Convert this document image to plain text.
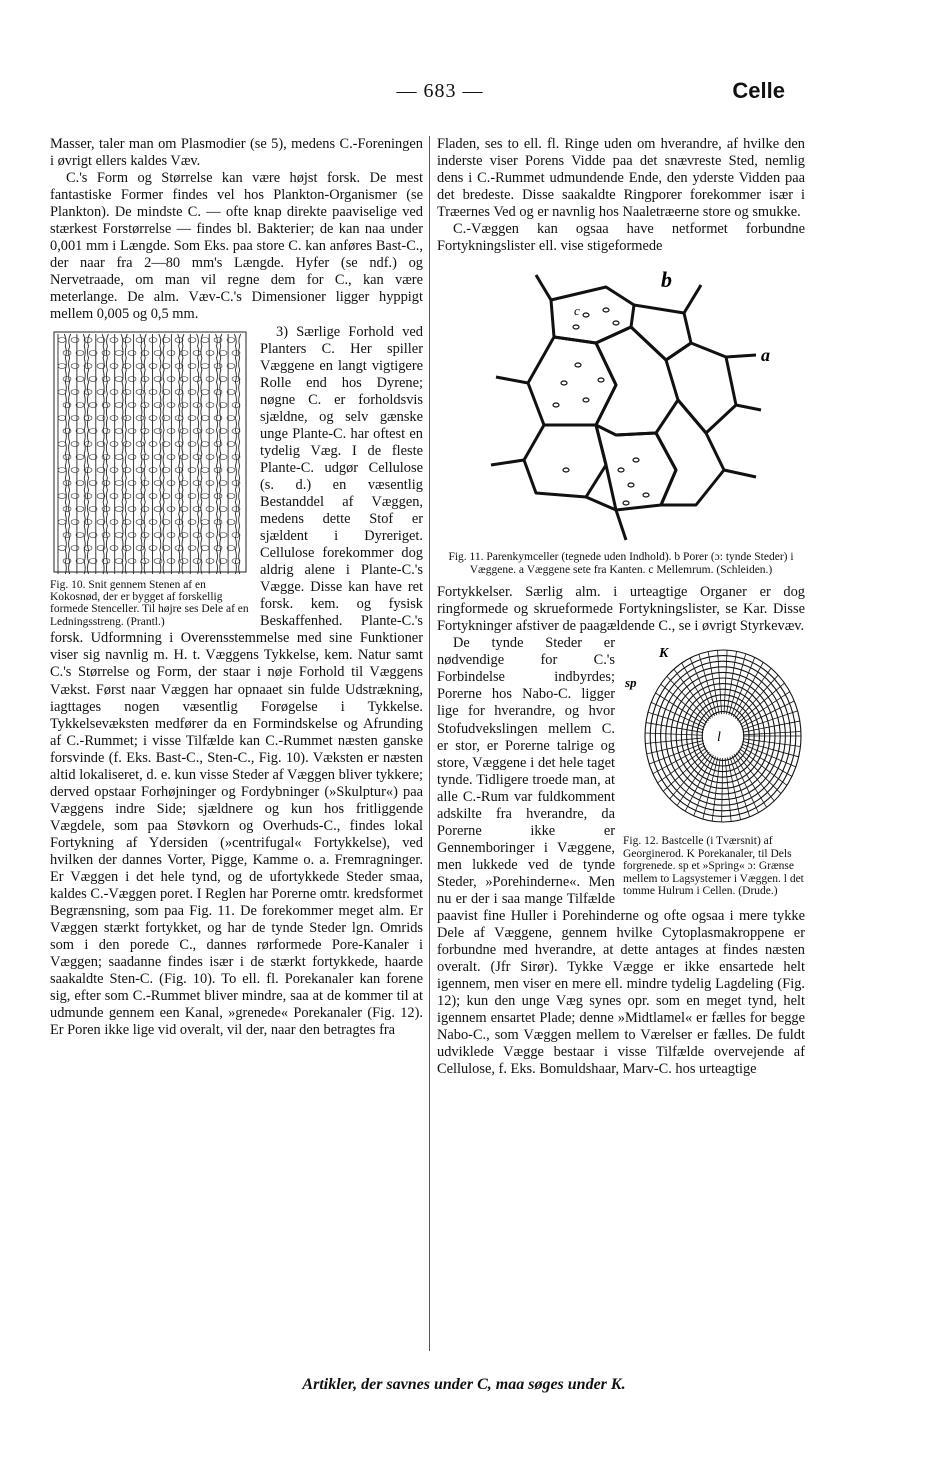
— 683 —	Celle

Masser, taler man om Plasmodier (se 5), medens C.-Foreningen i øvrigt ellers kaldes Væv.

C.'s Form og Størrelse kan være højst forsk. De mest fantastiske Former findes vel hos Plankton-Organismer (se Plankton). De mindste C. — ofte knap direkte paaviselige ved stærkest Forstørrelse — findes bl. Bakterier; de kan naa under 0,001 mm i Længde. Som Eks. paa store C. kan anføres Bast-C., der naar fra 2—80 mm's Længde. Hyfer (se ndf.) og Nervetraade, om man vil regne dem for C., kan være meterlange. De alm. Væv-C.'s Dimensioner ligger hyppigt mellem 0,005 og 0,5 mm.

Fig. 10. Snit gennem Stenen af en Kokosnød, der er bygget af forskellig formede Stenceller. Til højre ses Dele af en Ledningsstreng. (Prantl.)

3) Særlige Forhold ved Planters C. Her spiller Væggene en langt vigtigere Rolle end hos Dyrene; nøgne C. er forholdsvis sjældne, og selv gænske unge Plante-C. har oftest en tydelig Væg. I de fleste Plante-C. udgør Cellulose (s. d.) en væsentlig Bestanddel af Væggen, medens dette Stof er sjældent i Dyreriget. Cellulose forekommer dog aldrig alene i Plante-C.'s Vægge. Disse kan have ret forsk. kem. og fysisk Beskaffenhed. Plante-C.'s forsk. Udformning i Overensstemmelse med sine Funktioner viser sig navnlig m. H. t. Væggens Tykkelse, kem. Natur samt C.'s Størrelse og Form, der staar i nøje Forhold til Væggens Vækst. Først naar Væggen har opnaaet sin fulde Udstrækning, iagttages nogen væsentlig Forøgelse i Tykkelse. Tykkelsevæksten medfører da en Formindskelse og Afrunding af C.-Rummet; i visse Tilfælde kan C.-Rummet næsten ganske forsvinde (f. Eks. Bast-C., Sten-C., Fig. 10). Væksten er næsten altid lokaliseret, d. e. kun visse Steder af Væggen bliver tykkere; derved opstaar Forhøjninger og Fordybninger (»Skulptur«) paa Væggens indre Side; sjældnere og kun hos fritliggende Vægdele, som paa Støvkorn og Overhuds-C., findes lokal Fortykning af Ydersiden (»centrifugal« Fortykkelse), ved hvilken der dannes Vorter, Pigge, Kamme o. a. Fremragninger. Er Væggen i det hele tynd, og de ufortykkede Steder smaa, kaldes C.-Væggen poret. I Reglen har Porerne omtr. kredsformet Begrænsning, som paa Fig. 11. De forekommer meget alm. Er Væggen stærkt fortykket, og har de tynde Steder lgn. Omrids som i den porede C., dannes rørformede Pore-Kanaler i Væggen; saadanne findes især i de stærkt fortykkede, haarde saakaldte Sten-C. (Fig. 10). To ell. fl. Porekanaler kan forene sig, efter som C.-Rummet bliver mindre, saa at de kommer til at udmunde gennem een Kanal, »grenede« Porekanaler (Fig. 12). Er Poren ikke lige vid overalt, vil der, naar den betragtes fra

Fladen, ses to ell. fl. Ringe uden om hverandre, af hvilke den inderste viser Porens Vidde paa det snævreste Sted, nemlig dens i C.-Rummet udmundende Ende, den yderste Vidden paa det bredeste. Disse saakaldte Ringporer forekommer især i Træernes Ved og er navnlig hos Naaletræerne store og smukke.

C.-Væggen kan ogsaa have netformet forbundne Fortykningslister ell. vise stigeformede

b
a
c
Fig. 11. Parenkymceller (tegnede uden Indhold). b Porer (ɔ: tynde Steder) i Væggene. a Væggene sete fra Kanten. c Mellemrum. (Schleiden.)

Fortykkelser. Særlig alm. i urteagtige Organer er dog ringformede og skrueformede Fortykningslister, se Kar. Disse Fortykninger afstiver de paagældende C., se i øvrigt Styrkevæv.

K
sp
l
Fig. 12. Bastcelle (i Tværsnit) af Georginerod. K Porekanaler, til Dels forgrenede. sp et »Spring« ɔ: Grænse mellem to Lagsystemer i Væggen. l det tomme Hulrum i Cellen. (Drude.)

De tynde Steder er nødvendige for C.'s Forbindelse indbyrdes; Porerne hos Nabo-C. ligger lige for hverandre, og hvor Stofudvekslingen mellem C. er stor, er Porerne talrige og store, Væggene i det hele taget tynde. Tidligere troede man, at alle C.-Rum var fuldkomment adskilte fra hverandre, da Porerne ikke er Gennemboringer i Væggene, men lukkede ved de tynde Steder, »Porehinderne«. Men nu er der i saa mange Tilfælde paavist fine Huller i Porehinderne og ofte ogsaa i mere tykke Dele af Væggene, gennem hvilke Cytoplasmakroppene er forbundne med hverandre, at dette antages at findes næsten overalt. (Jfr Sirør). Tykke Vægge er ikke ensartede helt igennem, men viser en mere ell. mindre tydelig Lagdeling (Fig. 12); kun den unge Væg synes opr. som en meget tynd, helt igennem ensartet Plade; denne »Midtlamel« er fælles for begge Nabo-C., som Væggen mellem to Værelser er fælles. De fuldt udviklede Vægge bestaar i visse Tilfælde overvejende af Cellulose, f. Eks. Bomuldshaar, Marv-C. hos urteagtige

Artikler, der savnes under C, maa søges under K.
